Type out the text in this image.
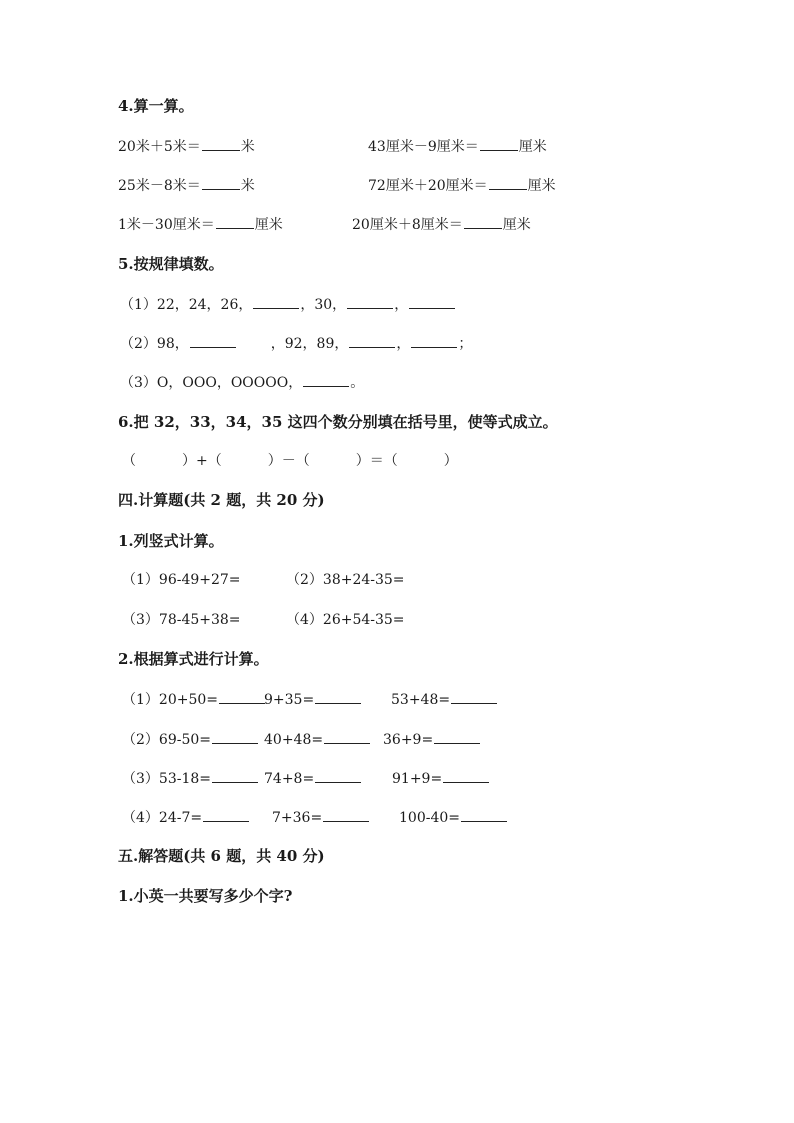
4.算一算。
20米＋5米＝	米	43厘米－9厘米＝	厘米
25米－8米＝	米	72厘米＋20厘米＝	厘米
1米－30厘米＝	厘米	20厘米＋8厘米＝	厘米
5.按规律填数。
（1）22，24，26，	，30，	，
（2）98，	，92，89，	，	；
（3）O，OOO，OOOOO，	。
6.把 32，33，34，35 这四个数分别填在括号里，使等式成立。
（	）+（	）－（	）＝（	）
四.计算题(共 2 题，共 20 分)
1.列竖式计算。
（1）96-49+27=	（2）38+24-35=
（3）78-45+38=	（4）26+54-35=
2.根据算式进行计算。
（1）20+50=	9+35=	53+48=
（2）69-50=	40+48=	36+9=
（3）53-18=	74+8=	91+9=
（4）24-7=	7+36=	100-40=
五.解答题(共 6 题，共 40 分)
1.小英一共要写多少个字?
